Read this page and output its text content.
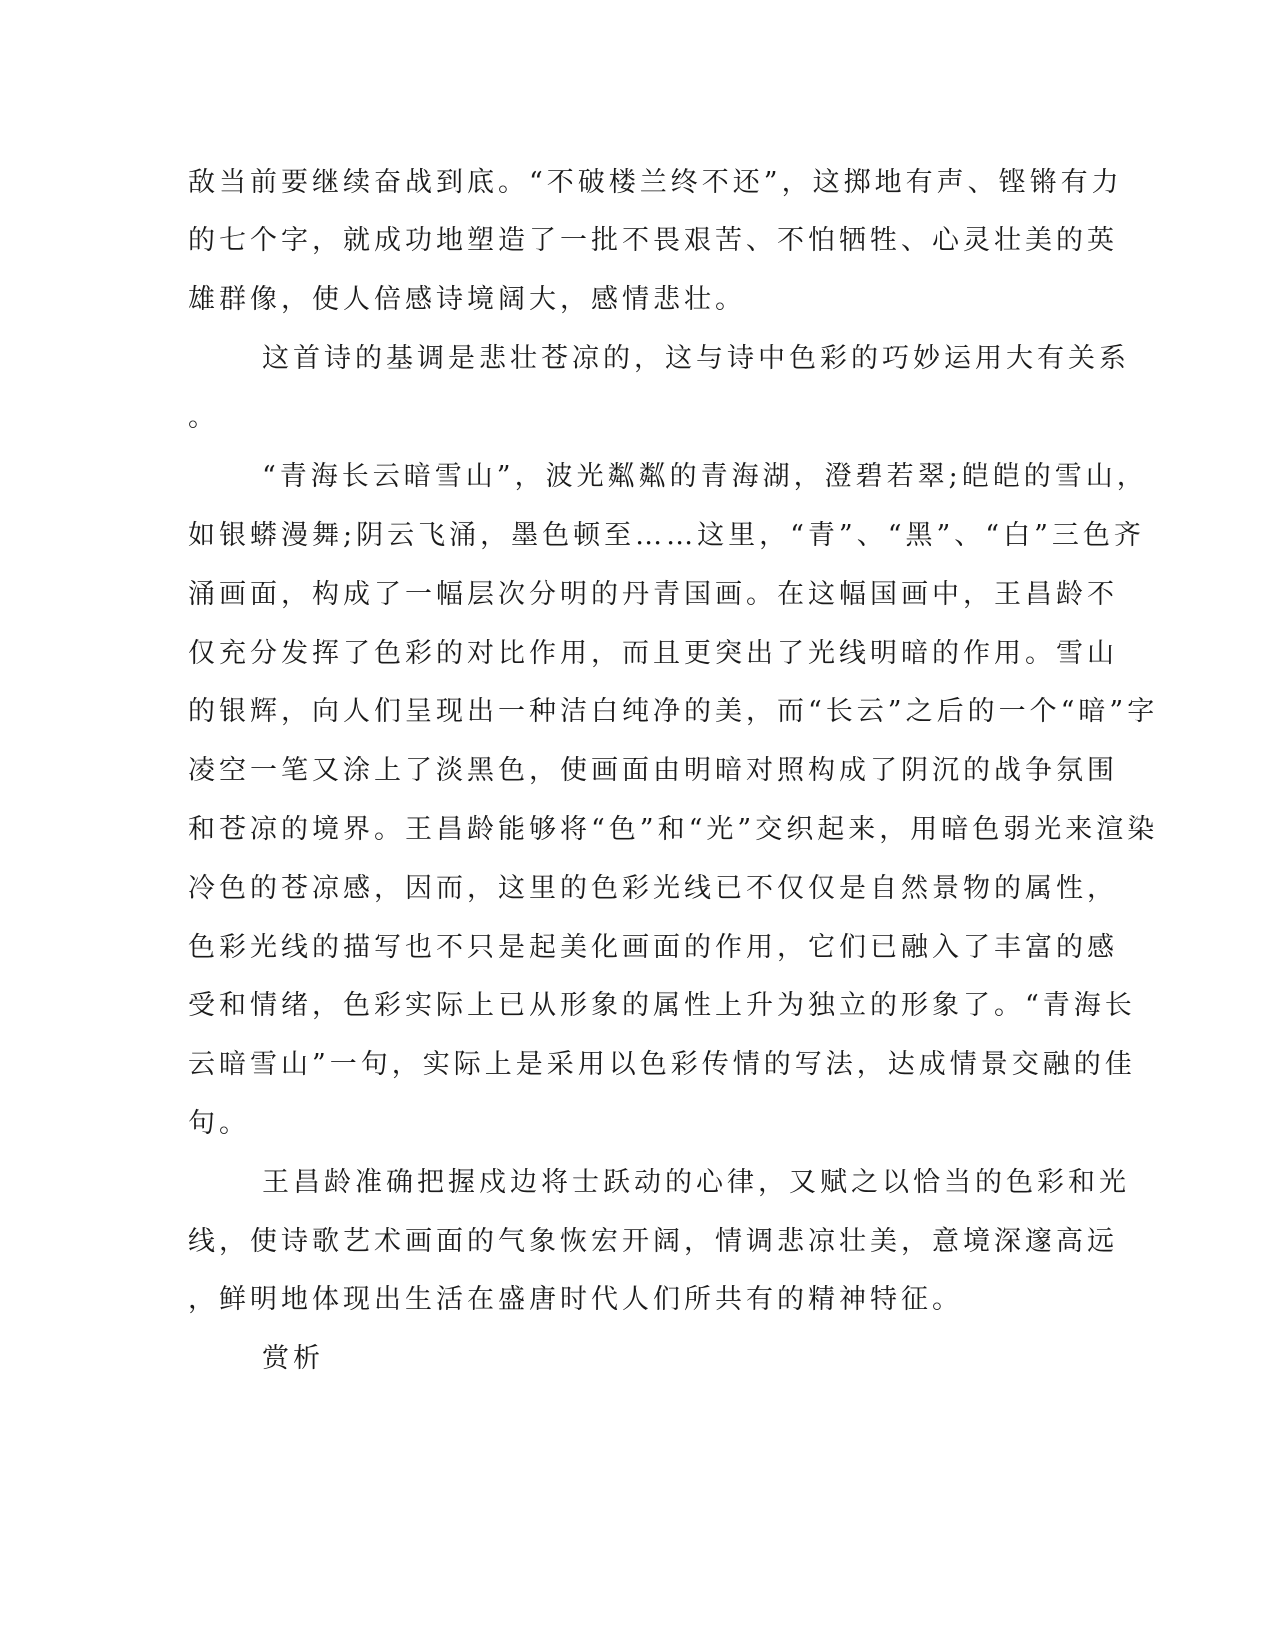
敌当前要继续奋战到底。“不破楼兰终不还”，这掷地有声、铿锵有力
的七个字，就成功地塑造了一批不畏艰苦、不怕牺牲、心灵壮美的英
雄群像，使人倍感诗境阔大，感情悲壮。
这首诗的基调是悲壮苍凉的，这与诗中色彩的巧妙运用大有关系
。
“青海长云暗雪山”，波光粼粼的青海湖，澄碧若翠;皑皑的雪山，
如银蟒漫舞;阴云飞涌，墨色顿至……这里，“青”、“黑”、“白”三色齐
涌画面，构成了一幅层次分明的丹青国画。在这幅国画中，王昌龄不
仅充分发挥了色彩的对比作用，而且更突出了光线明暗的作用。雪山
的银辉，向人们呈现出一种洁白纯净的美，而“长云”之后的一个“暗”字
凌空一笔又涂上了淡黑色，使画面由明暗对照构成了阴沉的战争氛围
和苍凉的境界。王昌龄能够将“色”和“光”交织起来，用暗色弱光来渲染
冷色的苍凉感，因而，这里的色彩光线已不仅仅是自然景物的属性，
色彩光线的描写也不只是起美化画面的作用，它们已融入了丰富的感
受和情绪，色彩实际上已从形象的属性上升为独立的形象了。“青海长
云暗雪山”一句，实际上是采用以色彩传情的写法，达成情景交融的佳
句。
王昌龄准确把握戍边将士跃动的心律，又赋之以恰当的色彩和光
线，使诗歌艺术画面的气象恢宏开阔，情调悲凉壮美，意境深邃高远
，鲜明地体现出生活在盛唐时代人们所共有的精神特征。
赏析
